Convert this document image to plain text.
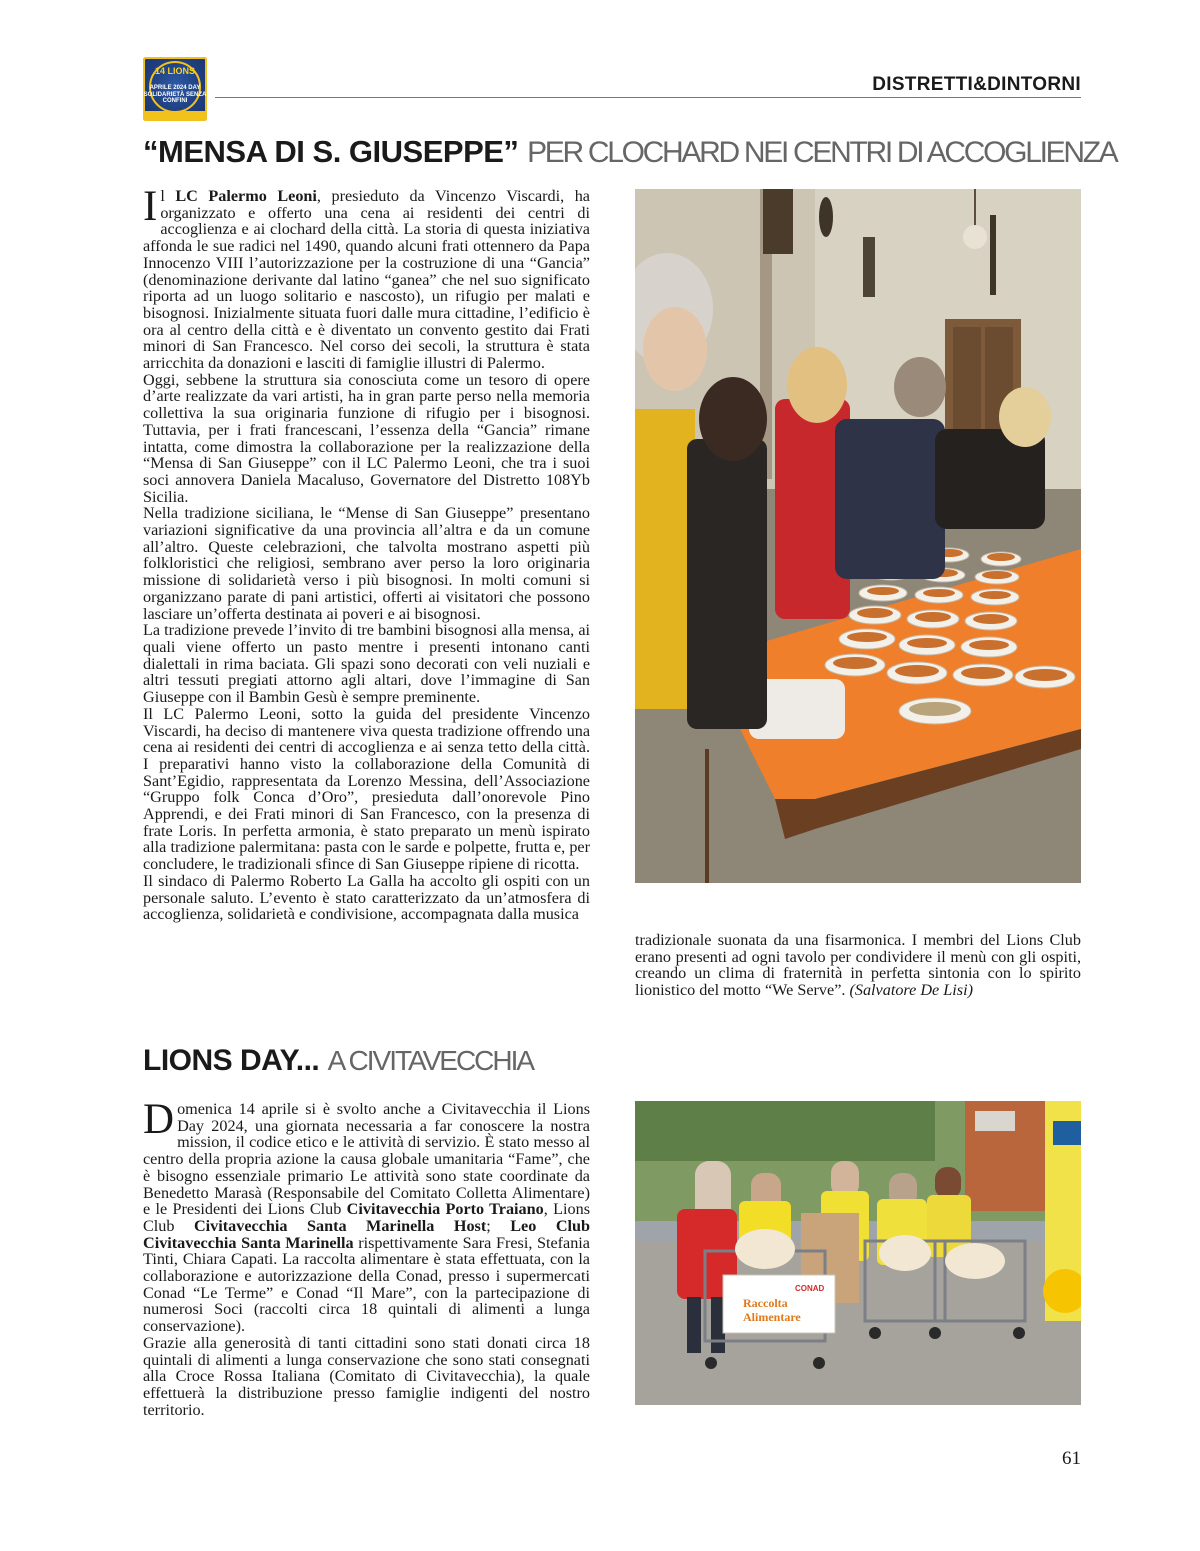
14 LIONS
APRILE 2024 DAY
SOLIDARIETÀ SENZA CONFINI
DISTRETTI&DINTORNI
“MENSA DI S. GIUSEPPE” PER CLOCHARD NEI CENTRI DI ACCOGLIENZA

Il LC Palermo Leoni, presieduto da Vincenzo Viscardi, ha organizzato e offerto una cena ai residenti dei centri di accoglienza e ai clochard della città. La storia di questa iniziativa affonda le sue radici nel 1490, quando alcuni frati ottennero da Papa Innocenzo VIII l’autorizzazione per la costruzione di una “Gancia” (denominazione derivante dal latino “ganea” che nel suo significato riporta ad un luogo solitario e nascosto), un rifugio per malati e bisognosi. Inizialmente situata fuori dalle mura cittadine, l’edificio è ora al centro della città e è diventato un convento gestito dai Frati minori di San Francesco. Nel corso dei secoli, la struttura è stata arricchita da donazioni e lasciti di famiglie illustri di Palermo.

Oggi, sebbene la struttura sia conosciuta come un tesoro di opere d’arte realizzate da vari artisti, ha in gran parte perso nella memoria collettiva la sua originaria funzione di rifugio per i bisognosi. Tuttavia, per i frati francescani, l’essenza della “Gancia” rimane intatta, come dimostra la collaborazione per la realizzazione della “Mensa di San Giuseppe” con il LC Palermo Leoni, che tra i suoi soci annovera Daniela Macaluso, Governatore del Distretto 108Yb Sicilia.

Nella tradizione siciliana, le “Mense di San Giuseppe” presentano variazioni significative da una provincia all’altra e da un comune all’altro. Queste celebrazioni, che talvolta mostrano aspetti più folkloristici che religiosi, sembrano aver perso la loro originaria missione di solidarietà verso i più bisognosi. In molti comuni si organizzano parate di pani artistici, offerti ai visitatori che possono lasciare un’offerta destinata ai poveri e ai bisognosi.

La tradizione prevede l’invito di tre bambini bisognosi alla mensa, ai quali viene offerto un pasto mentre i presenti intonano canti dialettali in rima baciata. Gli spazi sono decorati con veli nuziali e altri tessuti pregiati attorno agli altari, dove l’immagine di San Giuseppe con il Bambin Gesù è sempre preminente.

Il LC Palermo Leoni, sotto la guida del presidente Vincenzo Viscardi, ha deciso di mantenere viva questa tradizione offrendo una cena ai residenti dei centri di accoglienza e ai senza tetto della città. I preparativi hanno visto la collaborazione della Comunità di Sant’Egidio, rappresentata da Lorenzo Messina, dell’Associazione “Gruppo folk Conca d’Oro”, presieduta dall’onorevole Pino Apprendi, e dei Frati minori di San Francesco, con la presenza di frate Loris. In perfetta armonia, è stato preparato un menù ispirato alla tradizione palermitana: pasta con le sarde e polpette, frutta e, per concludere, le tradizionali sfince di San Giuseppe ripiene di ricotta.

Il sindaco di Palermo Roberto La Galla ha accolto gli ospiti con un personale saluto. L’evento è stato caratterizzato da un’atmosfera di accoglienza, solidarietà e condivisione, accompagnata dalla musica

tradizionale suonata da una fisarmonica. I membri del Lions Club erano presenti ad ogni tavolo per condividere il menù con gli ospiti, creando un clima di fraternità in perfetta sintonia con lo spirito lionistico del motto “We Serve”. (Salvatore De Lisi)

LIONS DAY... A CIVITAVECCHIA

Domenica 14 aprile si è svolto anche a Civitavecchia il Lions Day 2024, una giornata necessaria a far conoscere la nostra mission, il codice etico e le attività di servizio. È stato messo al centro della propria azione la causa globale umanitaria “Fame”, che è bisogno essenziale primario Le attività sono state coordinate da Benedetto Marasà (Responsabile del Comitato Colletta Alimentare) e le Presidenti dei Lions Club Civitavecchia Porto Traiano, Lions Club Civitavecchia Santa Marinella Host; Leo Club Civitavecchia Santa Marinella rispettivamente Sara Fresi, Stefania Tinti, Chiara Capati. La raccolta alimentare è stata effettuata, con la collaborazione e autorizzazione della Conad, presso i supermercati Conad “Le Terme” e Conad “Il Mare”, con la partecipazione di numerosi Soci (raccolti circa 18 quintali di alimenti a lunga conservazione).

Grazie alla generosità di tanti cittadini sono stati donati circa 18 quintali di alimenti a lunga conservazione che sono stati consegnati alla Croce Rossa Italiana (Comitato di Civitavecchia), la quale effettuerà la distribuzione presso famiglie indigenti del nostro territorio.

Raccolta
Alimentare
CONAD
61
